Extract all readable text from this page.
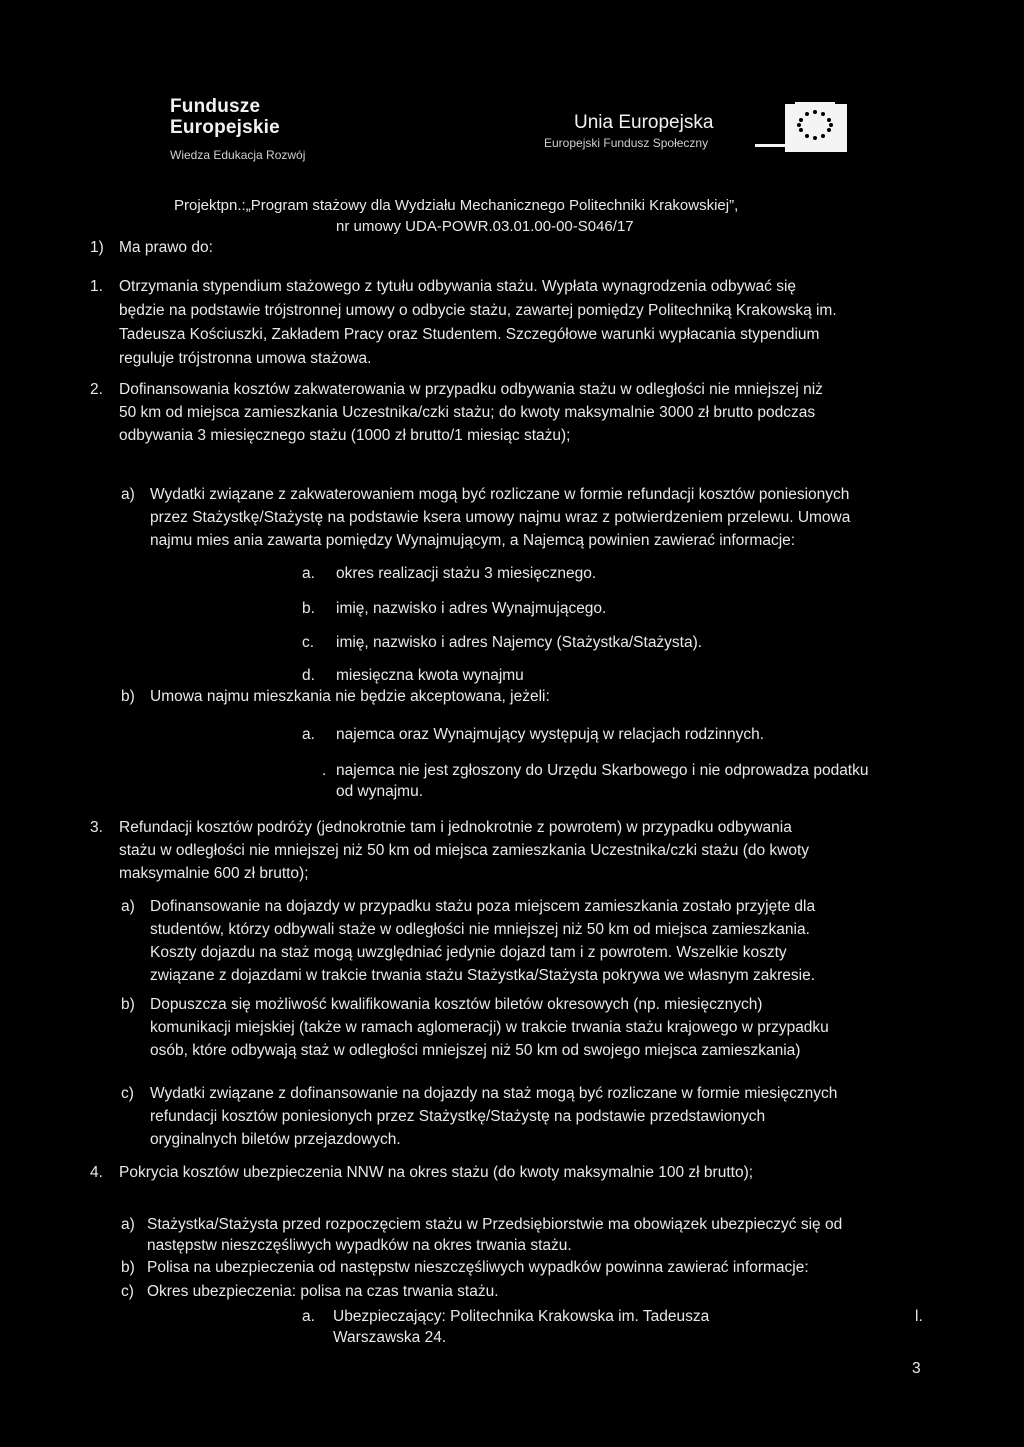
Fundusze
Europejskie
Wiedza Edukacja Rozwój
Unia Europejska
Europejski Fundusz Społeczny
Projektpn.:„Program stażowy dla Wydziału Mechanicznego Politechniki Krakowskiej”,
nr umowy UDA-POWR.03.01.00-00-S046/17
1) Ma prawo do:
1. Otrzymania stypendium stażowego z tytułu odbywania stażu. Wypłata wynagrodzenia odbywać się
będzie na podstawie trójstronnej umowy o odbycie stażu, zawartej pomiędzy Politechniką Krakowską im.
Tadeusza Kościuszki, Zakładem Pracy oraz Studentem. Szczegółowe warunki wypłacania stypendium
reguluje trójstronna umowa stażowa.
2. Dofinansowania kosztów zakwaterowania w przypadku odbywania stażu w odległości nie mniejszej niż
50 km od miejsca zamieszkania Uczestnika/czki stażu; do kwoty maksymalnie 3000 zł brutto podczas
odbywania 3 miesięcznego stażu (1000 zł brutto/1 miesiąc stażu);
a) Wydatki związane z zakwaterowaniem mogą być rozliczane w formie refundacji kosztów poniesionych
przez Stażystkę/Stażystę na podstawie ksera umowy najmu wraz z potwierdzeniem przelewu. Umowa
najmu mies ania zawarta pomiędzy Wynajmującym, a Najemcą powinien zawierać informacje:
a. okres realizacji stażu 3 miesięcznego.
b. imię, nazwisko i adres Wynajmującego.
c. imię, nazwisko i adres Najemcy (Stażystka/Stażysta).
d. miesięczna kwota wynajmu
b) Umowa najmu mieszkania nie będzie akceptowana, jeżeli:
a. najemca oraz Wynajmujący występują w relacjach rodzinnych.
. najemca nie jest zgłoszony do Urzędu Skarbowego i nie odprowadza podatku
od wynajmu.
3. Refundacji kosztów podróży (jednokrotnie tam i jednokrotnie z powrotem) w przypadku odbywania
stażu w odległości nie mniejszej niż 50 km od miejsca zamieszkania Uczestnika/czki stażu (do kwoty
maksymalnie 600 zł brutto);
a) Dofinansowanie na dojazdy w przypadku stażu poza miejscem zamieszkania zostało przyjęte dla
studentów, którzy odbywali staże w odległości nie mniejszej niż 50 km od miejsca zamieszkania.
Koszty dojazdu na staż mogą uwzględniać jedynie dojazd tam i z powrotem. Wszelkie koszty
związane z dojazdami w trakcie trwania stażu Stażystka/Stażysta pokrywa we własnym zakresie.
b) Dopuszcza się możliwość kwalifikowania kosztów biletów okresowych (np. miesięcznych)
komunikacji miejskiej (także w ramach aglomeracji) w trakcie trwania stażu krajowego w przypadku
osób, które odbywają staż w odległości mniejszej niż 50 km od swojego miejsca zamieszkania)
c) Wydatki związane z dofinansowanie na dojazdy na staż mogą być rozliczane w formie miesięcznych
refundacji kosztów poniesionych przez Stażystkę/Stażystę na podstawie przedstawionych
oryginalnych biletów przejazdowych.
4. Pokrycia kosztów ubezpieczenia NNW na okres stażu (do kwoty maksymalnie 100 zł brutto);
a) Stażystka/Stażysta przed rozpoczęciem stażu w Przedsiębiorstwie ma obowiązek ubezpieczyć się od
następstw nieszczęśliwych wypadków na okres trwania stażu.
b) Polisa na ubezpieczenia od następstw nieszczęśliwych wypadków powinna zawierać informacje:
c) Okres ubezpieczenia: polisa na czas trwania stażu.
a. Ubezpieczający: Politechnika Krakowska im. Tadeusza
Warszawska 24.
l.
3
